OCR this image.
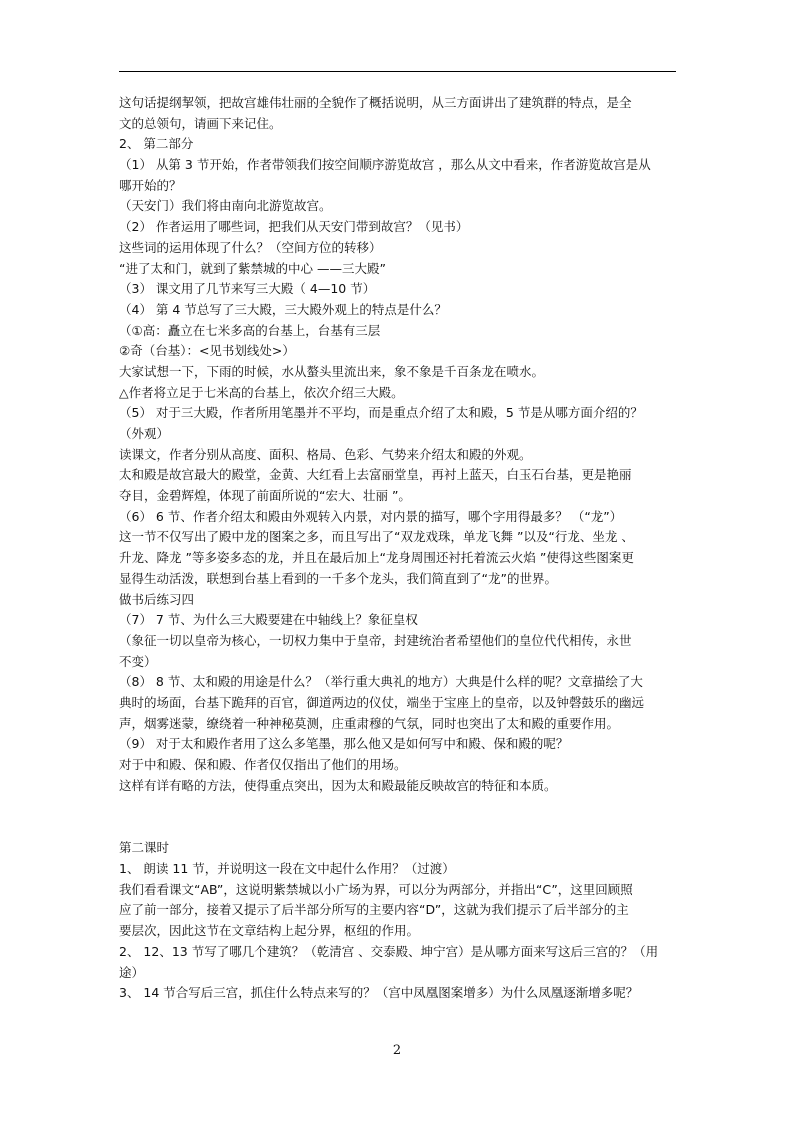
这句话提纲挈领，把故宫雄伟壮丽的全貌作了概括说明，从三方面讲出了建筑群的特点，是全
文的总领句，请画下来记住。
2、 第二部分
（1） 从第 3 节开始，作者带领我们按空间顺序游览故宫 ，那么从文中看来，作者游览故宫是从
哪开始的？
（天安门）我们将由南向北游览故宫。
（2） 作者运用了哪些词，把我们从天安门带到故宫？（见书）
这些词的运用体现了什么？（空间方位的转移）
“进了太和门，就到了紫禁城的中心 ——三大殿”
（3） 课文用了几节来写三大殿（ 4—10 节）
（4） 第 4 节总写了三大殿，三大殿外观上的特点是什么？
（①高：矗立在七米多高的台基上，台基有三层
②奇（台基）：<见书划线处>）
大家试想一下，下雨的时候，水从螯头里流出来，象不象是千百条龙在喷水。
△作者将立足于七米高的台基上，依次介绍三大殿。
（5） 对于三大殿，作者所用笔墨并不平均，而是重点介绍了太和殿，5 节是从哪方面介绍的？
（外观）
读课文，作者分别从高度、面积、格局、色彩、气势来介绍太和殿的外观。
太和殿是故宫最大的殿堂，金黄、大红看上去富丽堂皇，再衬上蓝天，白玉石台基，更是艳丽
夺目，金碧辉煌，体现了前面所说的“宏大、壮丽 ”。
（6） 6 节、作者介绍太和殿由外观转入内景，对内景的描写，哪个字用得最多？ （“龙”）
这一节不仅写出了殿中龙的图案之多，而且写出了“双龙戏珠，单龙飞舞 ”以及“行龙、坐龙 、
升龙、降龙 ”等多姿多态的龙，并且在最后加上“龙身周围还衬托着流云火焰 ”使得这些图案更
显得生动活泼，联想到台基上看到的一千多个龙头，我们简直到了“龙”的世界。
做书后练习四
（7） 7 节、为什么三大殿要建在中轴线上？象征皇权
（象征一切以皇帝为核心，一切权力集中于皇帝，封建统治者希望他们的皇位代代相传，永世
不变）
（8） 8 节、太和殿的用途是什么？（举行重大典礼的地方）大典是什么样的呢？文章描绘了大
典时的场面，台基下跪拜的百官，御道两边的仪仗，端坐于宝座上的皇帝，以及钟磬鼓乐的幽远
声，烟雾迷蒙，缭绕着一种神秘莫测，庄重肃穆的气氛，同时也突出了太和殿的重要作用。
（9） 对于太和殿作者用了这么多笔墨，那么他又是如何写中和殿、保和殿的呢？
对于中和殿、保和殿、作者仅仅指出了他们的用场。
这样有详有略的方法，使得重点突出，因为太和殿最能反映故宫的特征和本质。
第二课时
1、 朗读 11 节，并说明这一段在文中起什么作用？（过渡）
我们看看课文“AB”，这说明紫禁城以小广场为界，可以分为两部分，并指出“C”，这里回顾照
应了前一部分，接着又提示了后半部分所写的主要内容“D”，这就为我们提示了后半部分的主
要层次，因此这节在文章结构上起分界，枢纽的作用。
2、 12、13 节写了哪几个建筑？（乾清宫 、交泰殿、坤宁宫）是从哪方面来写这后三宫的？（用
途）
3、 14 节合写后三宫，抓住什么特点来写的？（宫中凤凰图案增多）为什么凤凰逐渐增多呢？
2
